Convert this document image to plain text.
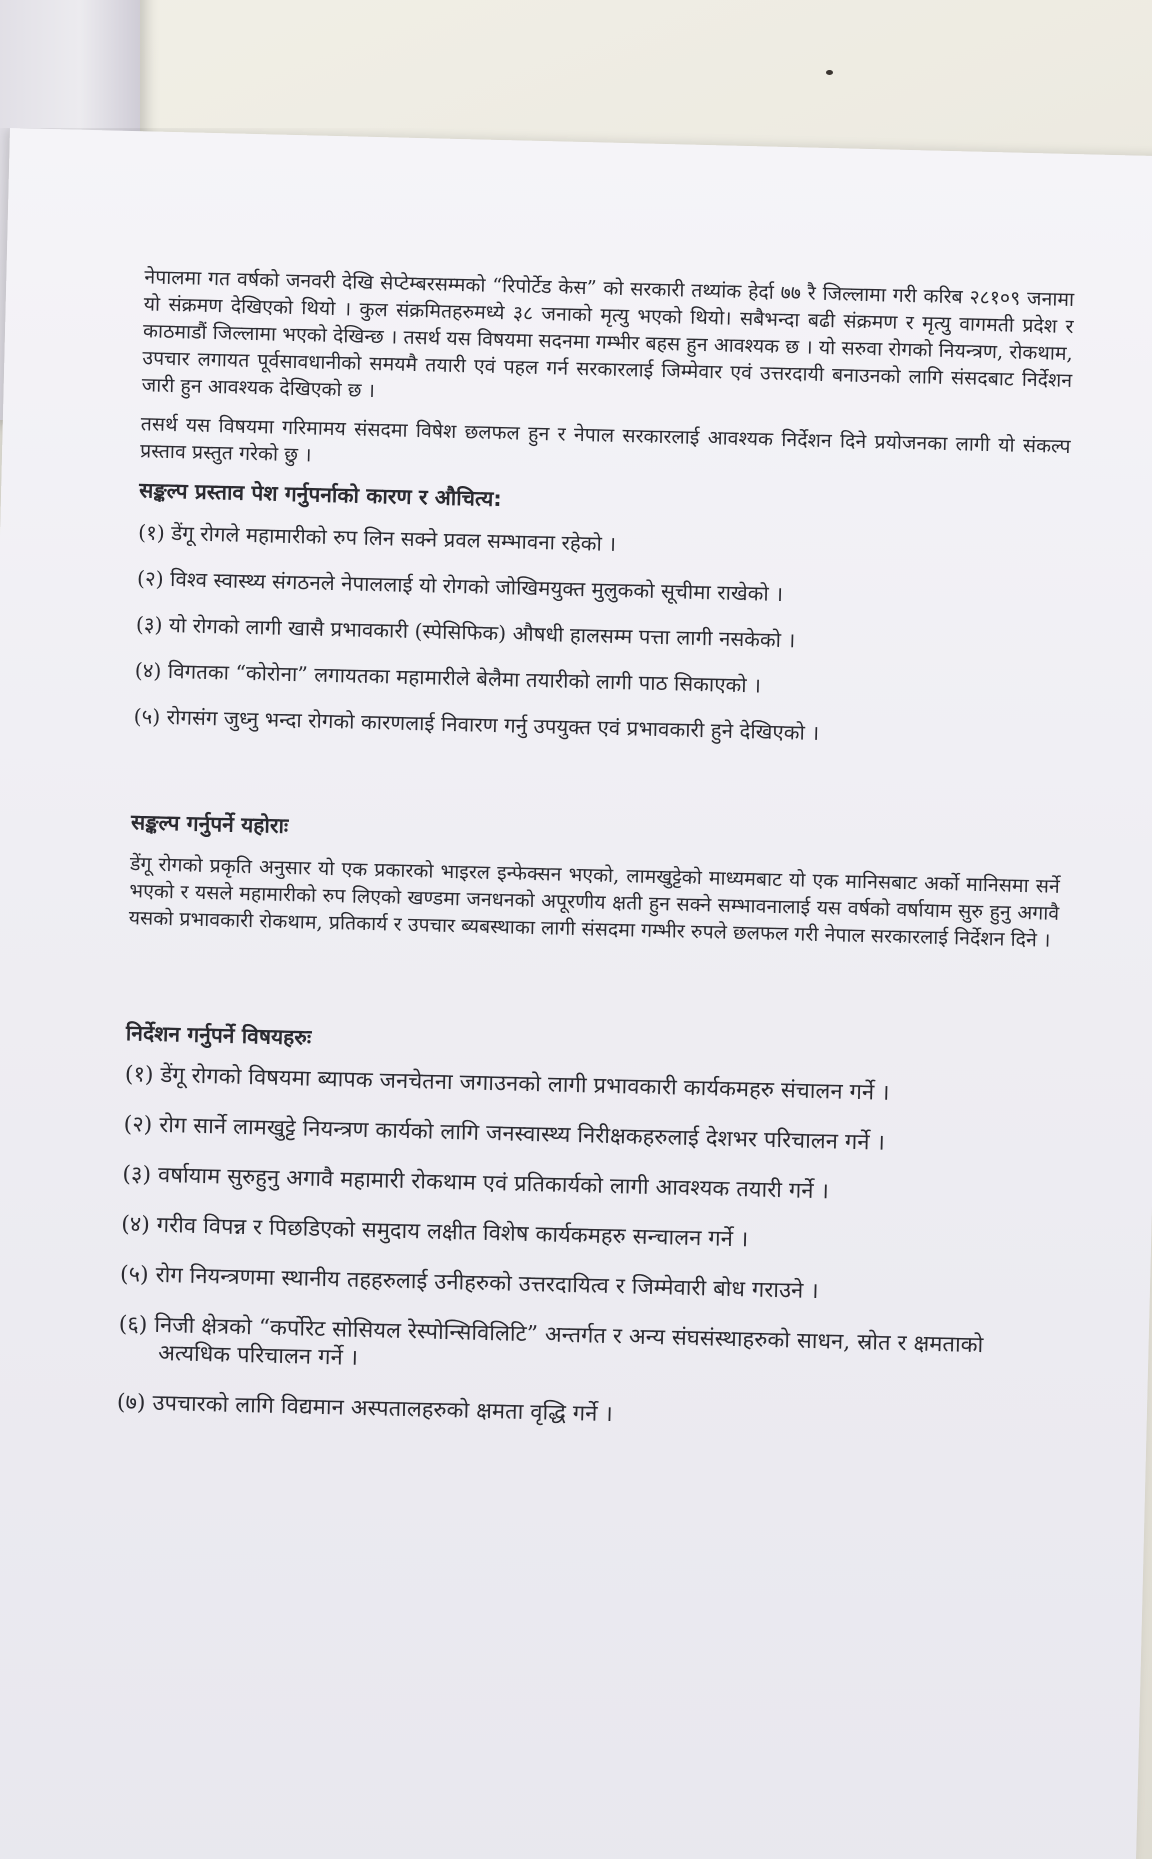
नेपालमा गत वर्षको जनवरी देखि सेप्टेम्बरसम्मको “रिपोर्टेड केस” को सरकारी तथ्यांक हेर्दा ७७ रै जिल्लामा गरी करिब २८१०९ जनामा यो संक्रमण देखिएको थियो । कुल संक्रमितहरुमध्ये ३८ जनाको मृत्यु भएको थियो। सबैभन्दा बढी संक्रमण र मृत्यु वागमती प्रदेश र काठमाडौं जिल्लामा भएको देखिन्छ । तसर्थ यस विषयमा सदनमा गम्भीर बहस हुन आवश्यक छ । यो सरुवा रोगको नियन्त्रण, रोकथाम, उपचार लगायत पूर्वसावधानीको समयमै तयारी एवं पहल गर्न सरकारलाई जिम्मेवार एवं उत्तरदायी बनाउनको लागि संसदबाट निर्देशन जारी हुन आवश्यक देखिएको छ ।

तसर्थ यस विषयमा गरिमामय संसदमा विषेश छलफल हुन र नेपाल सरकारलाई आवश्यक निर्देशन दिने प्रयोजनका लागी यो संकल्प प्रस्ताव प्रस्तुत गरेको छु ।

सङ्कल्प प्रस्ताव पेश गर्नुपर्नाको कारण र औचित्य:
(१) डेंगू रोगले महामारीको रुप लिन सक्ने प्रवल सम्भावना रहेको ।
(२) विश्व स्वास्थ्य संगठनले नेपाललाई यो रोगको जोखिमयुक्त मुलुकको सूचीमा राखेको ।
(३) यो रोगको लागी खासै प्रभावकारी (स्पेसिफिक) औषधी हालसम्म पत्ता लागी नसकेको ।
(४) विगतका “कोरोना” लगायतका महामारीले बेलैमा तयारीको लागी पाठ सिकाएको ।
(५) रोगसंग जुध्नु भन्दा रोगको कारणलाई निवारण गर्नु उपयुक्त एवं प्रभावकारी हुने देखिएको ।
सङ्कल्प गर्नुपर्ने यहोराः

डेंगू रोगको प्रकृति अनुसार यो एक प्रकारको भाइरल इन्फेक्सन भएको, लामखुट्टेको माध्यमबाट यो एक मानिसबाट अर्को मानिसमा सर्ने भएको र यसले महामारीको रुप लिएको खण्डमा जनधनको अपूरणीय क्षती हुन सक्ने सम्भावनालाई यस वर्षको वर्षायाम सुरु हुनु अगावै यसको प्रभावकारी रोकथाम, प्रतिकार्य र उपचार ब्यबस्थाका लागी संसदमा गम्भीर रुपले छलफल गरी नेपाल सरकारलाई निर्देशन दिने ।

निर्देशन गर्नुपर्ने विषयहरुः
(१) डेंगू रोगको विषयमा ब्यापक जनचेतना जगाउनको लागी प्रभावकारी कार्यकमहरु संचालन गर्ने ।
(२) रोग सार्ने लामखुट्टे नियन्त्रण कार्यको लागि जनस्वास्थ्य निरीक्षकहरुलाई देशभर परिचालन गर्ने ।
(३) वर्षायाम सुरुहुनु अगावै महामारी रोकथाम एवं प्रतिकार्यको लागी आवश्यक तयारी गर्ने ।
(४) गरीव विपन्न र पिछडिएको समुदाय लक्षीत विशेष कार्यकमहरु सन्चालन गर्ने ।
(५) रोग नियन्त्रणमा स्थानीय तहहरुलाई उनीहरुको उत्तरदायित्व र जिम्मेवारी बोध गराउने ।
(६) निजी क्षेत्रको “कर्पोरेट सोसियल रेस्पोन्सिविलिटि” अन्तर्गत र अन्य संघसंस्थाहरुको साधन, स्रोत र क्षमताको अत्यधिक परिचालन गर्ने ।
(७) उपचारको लागि विद्यमान अस्पतालहरुको क्षमता वृद्धि गर्ने ।
